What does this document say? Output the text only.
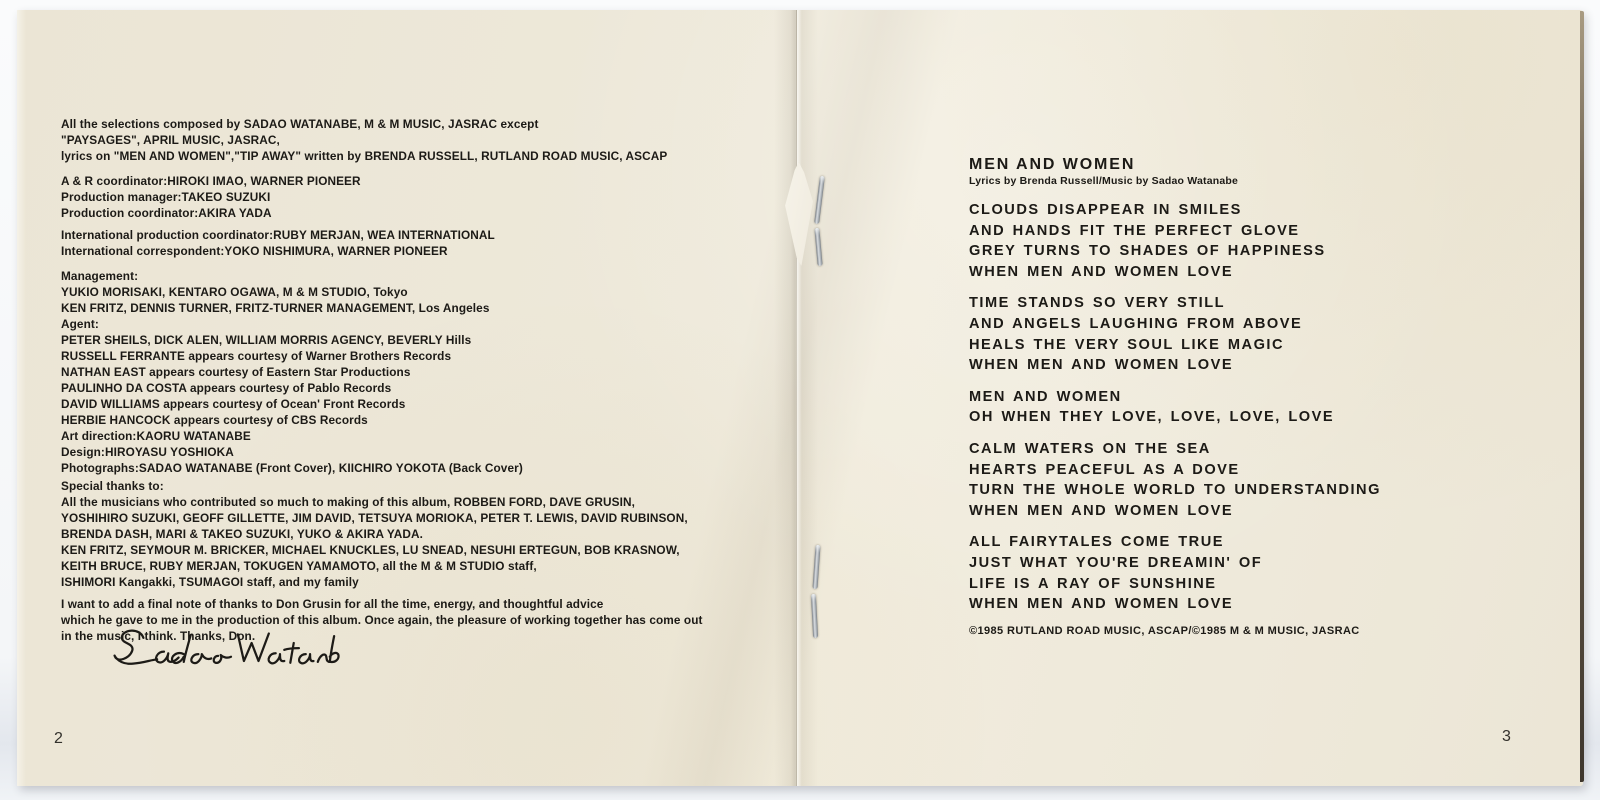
All the selections composed by SADAO WATANABE, M & M MUSIC, JASRAC except
"PAYSAGES", APRIL MUSIC, JASRAC,
lyrics on "MEN AND WOMEN","TIP AWAY" written by BRENDA RUSSELL, RUTLAND ROAD MUSIC, ASCAP
A & R coordinator:HIROKI IMAO, WARNER PIONEER
Production manager:TAKEO SUZUKI
Production coordinator:AKIRA YADA
International production coordinator:RUBY MERJAN, WEA INTERNATIONAL
International correspondent:YOKO NISHIMURA, WARNER PIONEER
Management:
YUKIO MORISAKI, KENTARO OGAWA, M & M STUDIO, Tokyo
KEN FRITZ, DENNIS TURNER, FRITZ-TURNER MANAGEMENT, Los Angeles
Agent:
PETER SHEILS, DICK ALEN, WILLIAM MORRIS AGENCY, BEVERLY Hills
RUSSELL FERRANTE appears courtesy of Warner Brothers Records
NATHAN EAST appears courtesy of Eastern Star Productions
PAULINHO DA COSTA appears courtesy of Pablo Records
DAVID WILLIAMS appears courtesy of Ocean' Front Records
HERBIE HANCOCK appears courtesy of CBS Records
Art direction:KAORU WATANABE
Design:HIROYASU YOSHIOKA
Photographs:SADAO WATANABE (Front Cover), KIICHIRO YOKOTA (Back Cover)
Special thanks to:
All the musicians who contributed so much to making of this album, ROBBEN FORD, DAVE GRUSIN,
YOSHIHIRO SUZUKI, GEOFF GILLETTE, JIM DAVID, TETSUYA MORIOKA, PETER T. LEWIS, DAVID RUBINSON,
BRENDA DASH, MARI & TAKEO SUZUKI, YUKO & AKIRA YADA.
KEN FRITZ, SEYMOUR M. BRICKER, MICHAEL KNUCKLES, LU SNEAD, NESUHI ERTEGUN, BOB KRASNOW,
KEITH BRUCE, RUBY MERJAN, TOKUGEN YAMAMOTO, all the M & M STUDIO staff,
ISHIMORI Kangakki, TSUMAGOI staff, and my family
I want to add a final note of thanks to Don Grusin for all the time, energy, and thoughtful advice
which he gave to me in the production of this album. Once again, the pleasure of working together has come out
in the music, I think. Thanks, Don.
2
MEN AND WOMEN
Lyrics by Brenda Russell/Music by Sadao Watanabe
CLOUDS DISAPPEAR IN SMILES
AND HANDS FIT THE PERFECT GLOVE
GREY TURNS TO SHADES OF HAPPINESS
WHEN MEN AND WOMEN LOVE
TIME STANDS SO VERY STILL
AND ANGELS LAUGHING FROM ABOVE
HEALS THE VERY SOUL LIKE MAGIC
WHEN MEN AND WOMEN LOVE
MEN AND WOMEN
OH WHEN THEY LOVE, LOVE, LOVE, LOVE
CALM WATERS ON THE SEA
HEARTS PEACEFUL AS A DOVE
TURN THE WHOLE WORLD TO UNDERSTANDING
WHEN MEN AND WOMEN LOVE
ALL FAIRYTALES COME TRUE
JUST WHAT YOU'RE DREAMIN' OF
LIFE IS A RAY OF SUNSHINE
WHEN MEN AND WOMEN LOVE
©1985 RUTLAND ROAD MUSIC, ASCAP/©1985 M & M MUSIC, JASRAC
3
